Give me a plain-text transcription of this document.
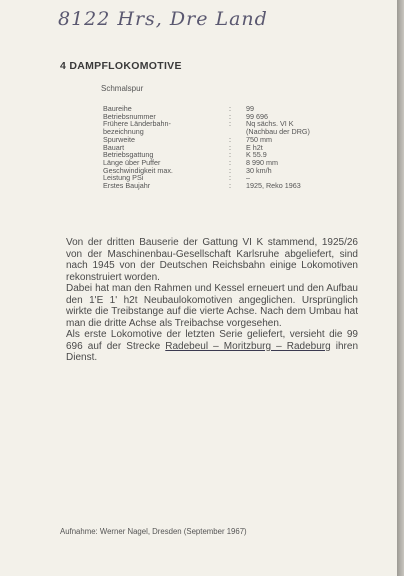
8122 Hrs, Dre Land
4 DAMPFLOKOMOTIVE
Schmalspur
Baureihe	:	99
Betriebsnummer	:	99 696
Frühere Länderbahn-	:	Nq sächs. VI K
bezeichnung	(Nachbau der DRG)
Spurweite	:	750 mm
Bauart	:	E h2t
Betriebsgattung	:	K 55.9
Länge über Puffer	:	8 990 mm
Geschwindigkeit max.	:	30 km/h
Leistung PSi	:	–
Erstes Baujahr	:	1925, Reko 1963

Von der dritten Bauserie der Gattung VI K stammend, 1925/26 von der Maschinenbau-Gesellschaft Karlsruhe abgeliefert, sind nach 1945 von der Deutschen Reichsbahn einige Lokomotiven rekonstruiert worden.

Dabei hat man den Rahmen und Kessel erneuert und den Aufbau den 1'E 1' h2t Neubaulokomotiven angeglichen. Ursprünglich wirkte die Treibstange auf die vierte Achse. Nach dem Umbau hat man die dritte Achse als Treibachse vorgesehen.

Als erste Lokomotive der letzten Serie geliefert, versieht die 99 696 auf der Strecke Radebeul – Moritzburg – Radeburg ihren Dienst.

Aufnahme: Werner Nagel, Dresden (September 1967)
